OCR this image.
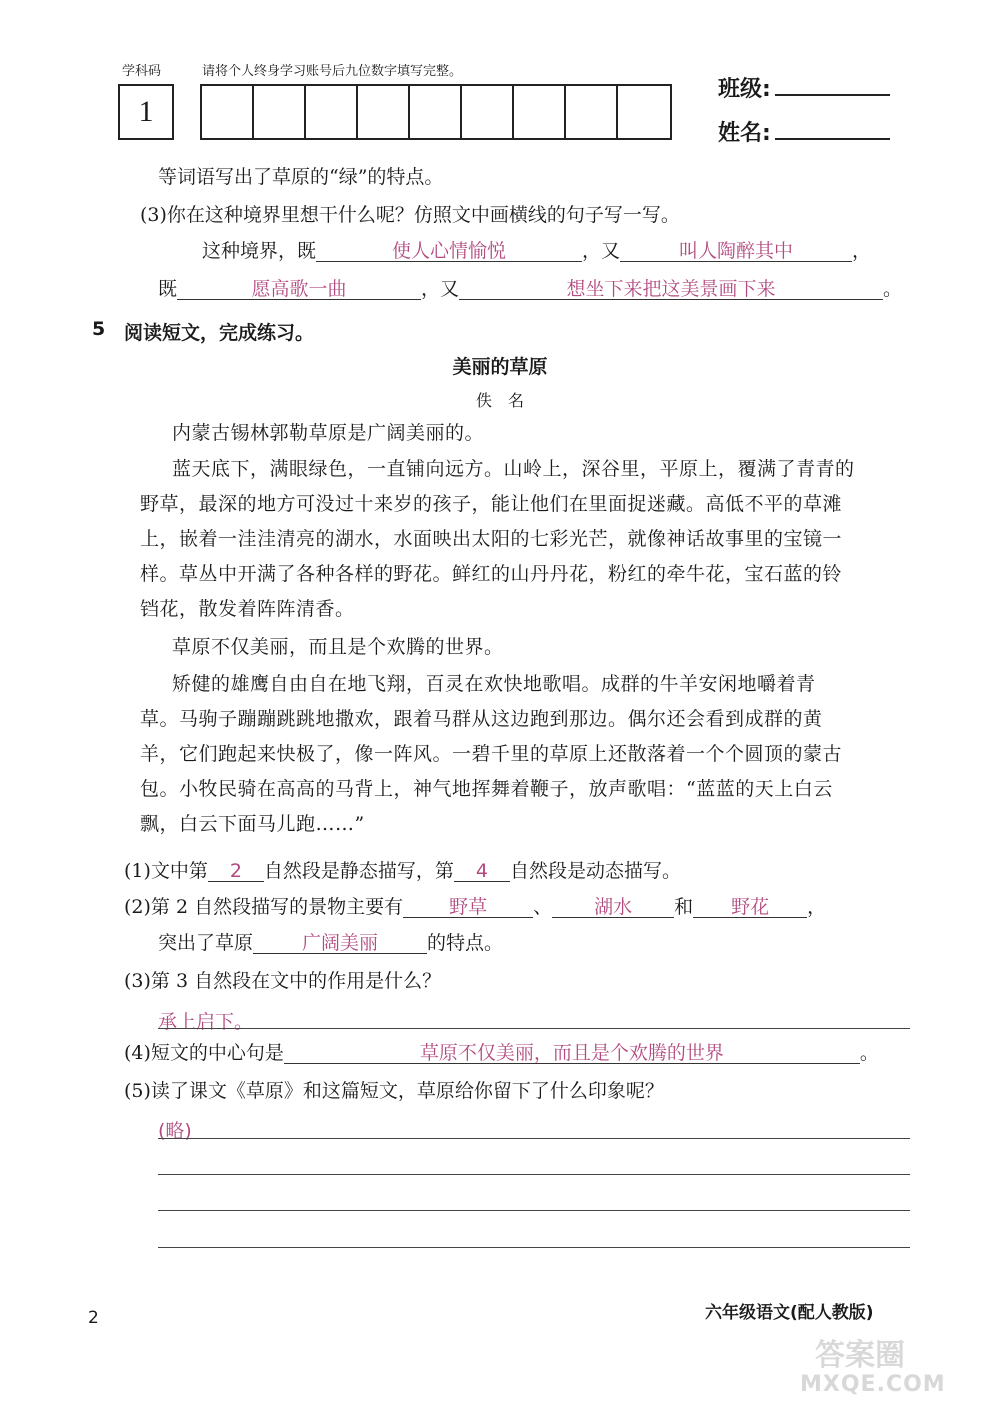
学科码	请将个人终身学习账号后九位数字填写完整。
1
班级:
姓名:
等词语写出了草原的“绿”的特点。
(3)你在这种境界里想干什么呢？仿照文中画横线的句子写一写。
这种境界，既	使人心情愉悦	，又	叫人陶醉其中	，
既	愿高歌一曲	，又	想坐下来把这美景画下来	。
5 阅读短文，完成练习。
美丽的草原
佚　名
内蒙古锡林郭勒草原是广阔美丽的。
蓝天底下，满眼绿色，一直铺向远方。山岭上，深谷里，平原上，覆满了青青的
野草，最深的地方可没过十来岁的孩子，能让他们在里面捉迷藏。高低不平的草滩
上，嵌着一洼洼清亮的湖水，水面映出太阳的七彩光芒，就像神话故事里的宝镜一
样。草丛中开满了各种各样的野花。鲜红的山丹丹花，粉红的牵牛花，宝石蓝的铃
铛花，散发着阵阵清香。
草原不仅美丽，而且是个欢腾的世界。
矫健的雄鹰自由自在地飞翔，百灵在欢快地歌唱。成群的牛羊安闲地嚼着青
草。马驹子蹦蹦跳跳地撒欢，跟着马群从这边跑到那边。偶尔还会看到成群的黄
羊，它们跑起来快极了，像一阵风。一碧千里的草原上还散落着一个个圆顶的蒙古
包。小牧民骑在高高的马背上，神气地挥舞着鞭子，放声歌唱：“蓝蓝的天上白云
飘，白云下面马儿跑……”
(1)文中第 2 自然段是静态描写，第 4 自然段是动态描写。
(2)第 2 自然段描写的景物主要有 野草 、 湖水 和 野花 ，
突出了草原	广阔美丽	的特点。
(3)第 3 自然段在文中的作用是什么？
承上启下。
(4)短文的中心句是	草原不仅美丽，而且是个欢腾的世界	。
(5)读了课文《草原》和这篇短文，草原给你留下了什么印象呢？
(略)
2	六年级语文(配人教版)
答案圈
MXQE.COM
